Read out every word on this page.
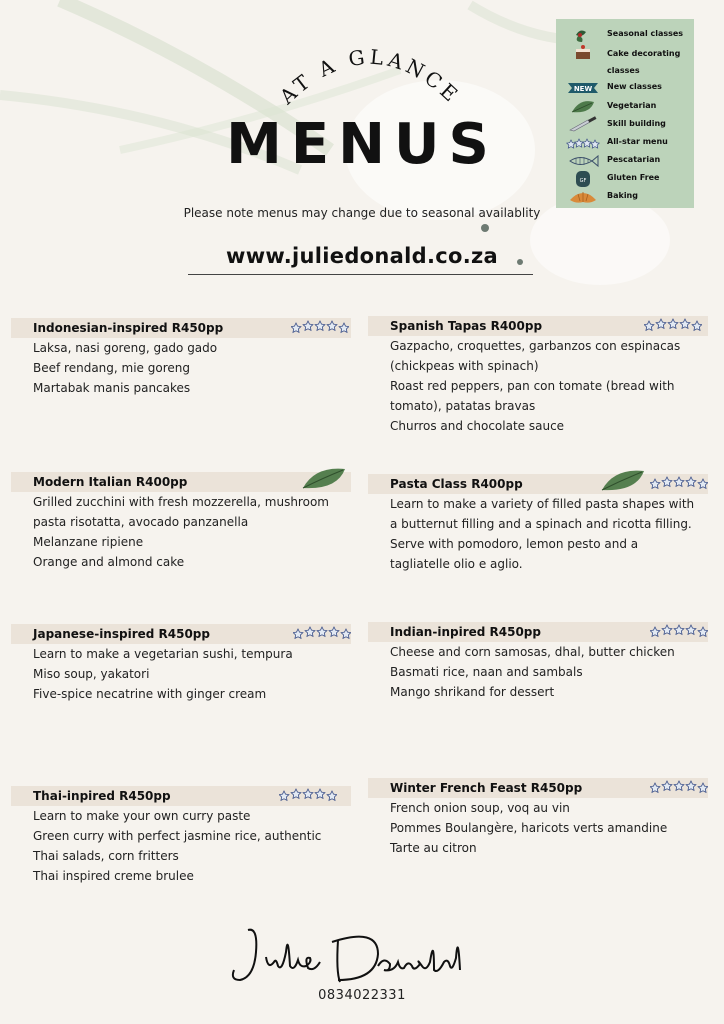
AT A GLANCE
MENUS
Please note menus may change due to seasonal availablity
www.juliedonald.co.za
Seasonal classes
Cake decorating classes
NEW New classes
Vegetarian
Skill building
All-star menu
Pescatarian
GF	Gluten Free
Baking
Indonesian-inspired R450pp
Laksa, nasi goreng, gado gado
Beef rendang, mie goreng
Martabak manis pancakes
Spanish Tapas R400pp
Gazpacho, croquettes, garbanzos con espinacas
(chickpeas with spinach)
Roast red peppers, pan con tomate (bread with
tomato), patatas bravas
Churros and chocolate sauce
Modern Italian R400pp
Grilled zucchini with fresh mozzerella, mushroom
pasta risotatta, avocado panzanella
Melanzane ripiene
Orange and almond cake
Pasta Class R400pp
Learn to make a variety of filled pasta shapes with
a butternut filling and a spinach and ricotta filling.
Serve with pomodoro, lemon pesto and a
tagliatelle olio e aglio.
Japanese-inspired R450pp
Learn to make a vegetarian sushi, tempura
Miso soup, yakatori
Five-spice necatrine with ginger cream
Indian-inpired R450pp
Cheese and corn samosas, dhal, butter chicken
Basmati rice, naan and sambals
Mango shrikand for dessert
Thai-inpired R450pp
Learn to make your own curry paste
Green curry with perfect jasmine rice, authentic
Thai salads, corn fritters
Thai inspired creme brulee
Winter French Feast R450pp
French onion soup, voq au vin
Pommes Boulangère, haricots verts amandine
Tarte au citron
0834022331
